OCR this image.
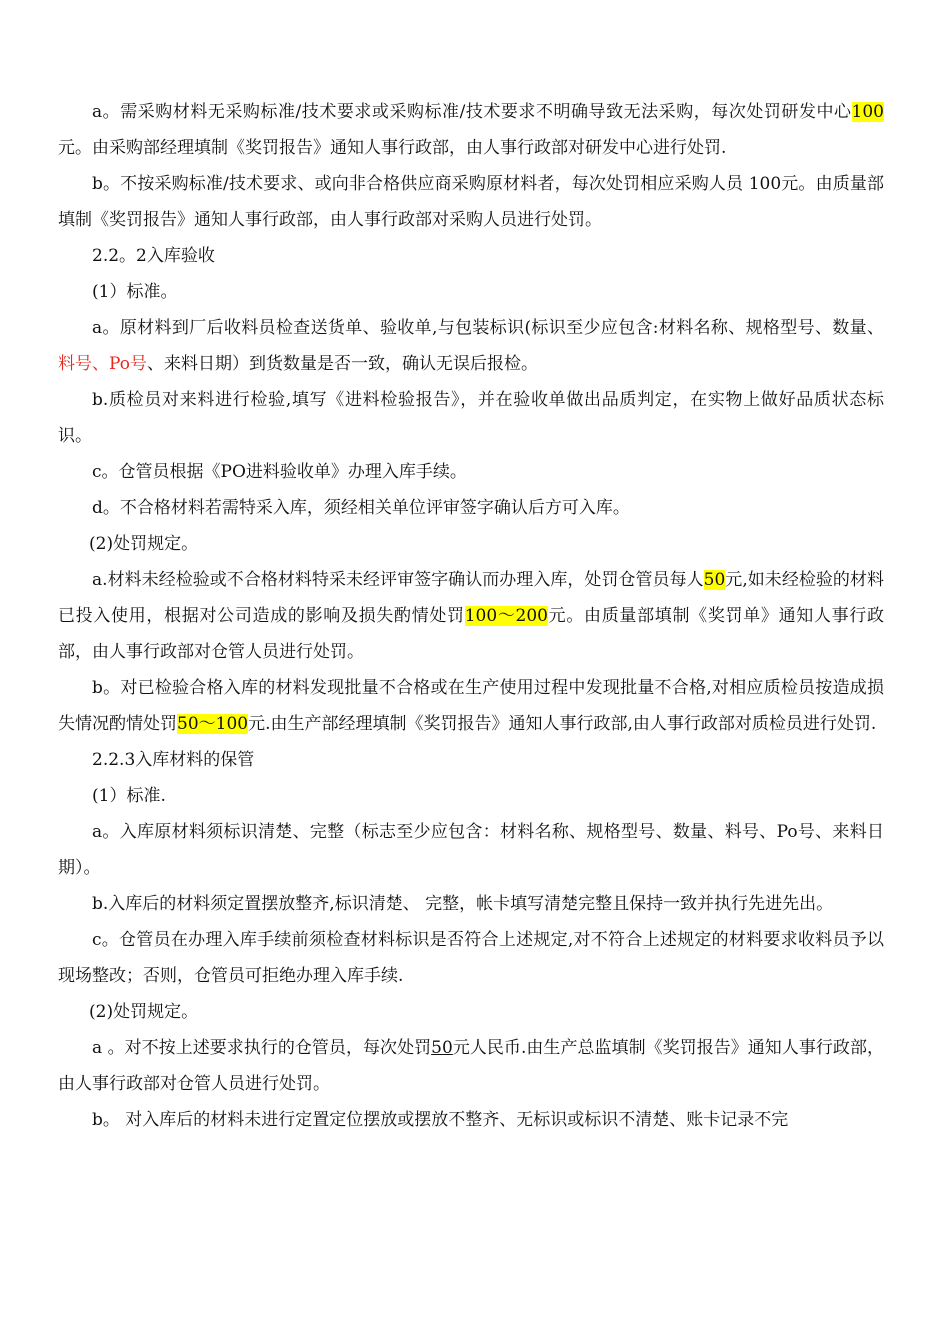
a。需采购材料无采购标准/技术要求或采购标准/技术要求不明确导致无法采购，每次处罚研发中心100元。由采购部经理填制《奖罚报告》通知人事行政部，由人事行政部对研发中心进行处罚.

b。不按采购标准/技术要求、或向非合格供应商采购原材料者，每次处罚相应采购人员 100元。由质量部填制《奖罚报告》通知人事行政部，由人事行政部对采购人员进行处罚。

2.2。2入库验收

(1）标准。

a。原材料到厂后收料员检查送货单、验收单,与包装标识(标识至少应包含:材料名称、规格型号、数量、料号、Po号、来料日期）到货数量是否一致，确认无误后报检。

b.质检员对来料进行检验,填写《进料检验报告》，并在验收单做出品质判定，在实物上做好品质状态标识。

c。仓管员根据《PO进料验收单》办理入库手续。

d。不合格材料若需特采入库，须经相关单位评审签字确认后方可入库。

(2)处罚规定。

a.材料未经检验或不合格材料特采未经评审签字确认而办理入库，处罚仓管员每人50元,如未经检验的材料已投入使用，根据对公司造成的影响及损失酌情处罚100～200元。由质量部填制《奖罚单》通知人事行政部，由人事行政部对仓管人员进行处罚。

b。对已检验合格入库的材料发现批量不合格或在生产使用过程中发现批量不合格,对相应质检员按造成损失情况酌情处罚50～100元.由生产部经理填制《奖罚报告》通知人事行政部,由人事行政部对质检员进行处罚.

2.2.3入库材料的保管

(1）标准.

a。入库原材料须标识清楚、完整（标志至少应包含：材料名称、规格型号、数量、料号、Po号、来料日期）。

b.入库后的材料须定置摆放整齐,标识清楚、 完整，帐卡填写清楚完整且保持一致并执行先进先出。

c。仓管员在办理入库手续前须检查材料标识是否符合上述规定,对不符合上述规定的材料要求收料员予以现场整改；否则，仓管员可拒绝办理入库手续.

(2)处罚规定。

a 。对不按上述要求执行的仓管员，每次处罚50元人民币.由生产总监填制《奖罚报告》通知人事行政部，由人事行政部对仓管人员进行处罚。

b。 对入库后的材料未进行定置定位摆放或摆放不整齐、无标识或标识不清楚、账卡记录不完
